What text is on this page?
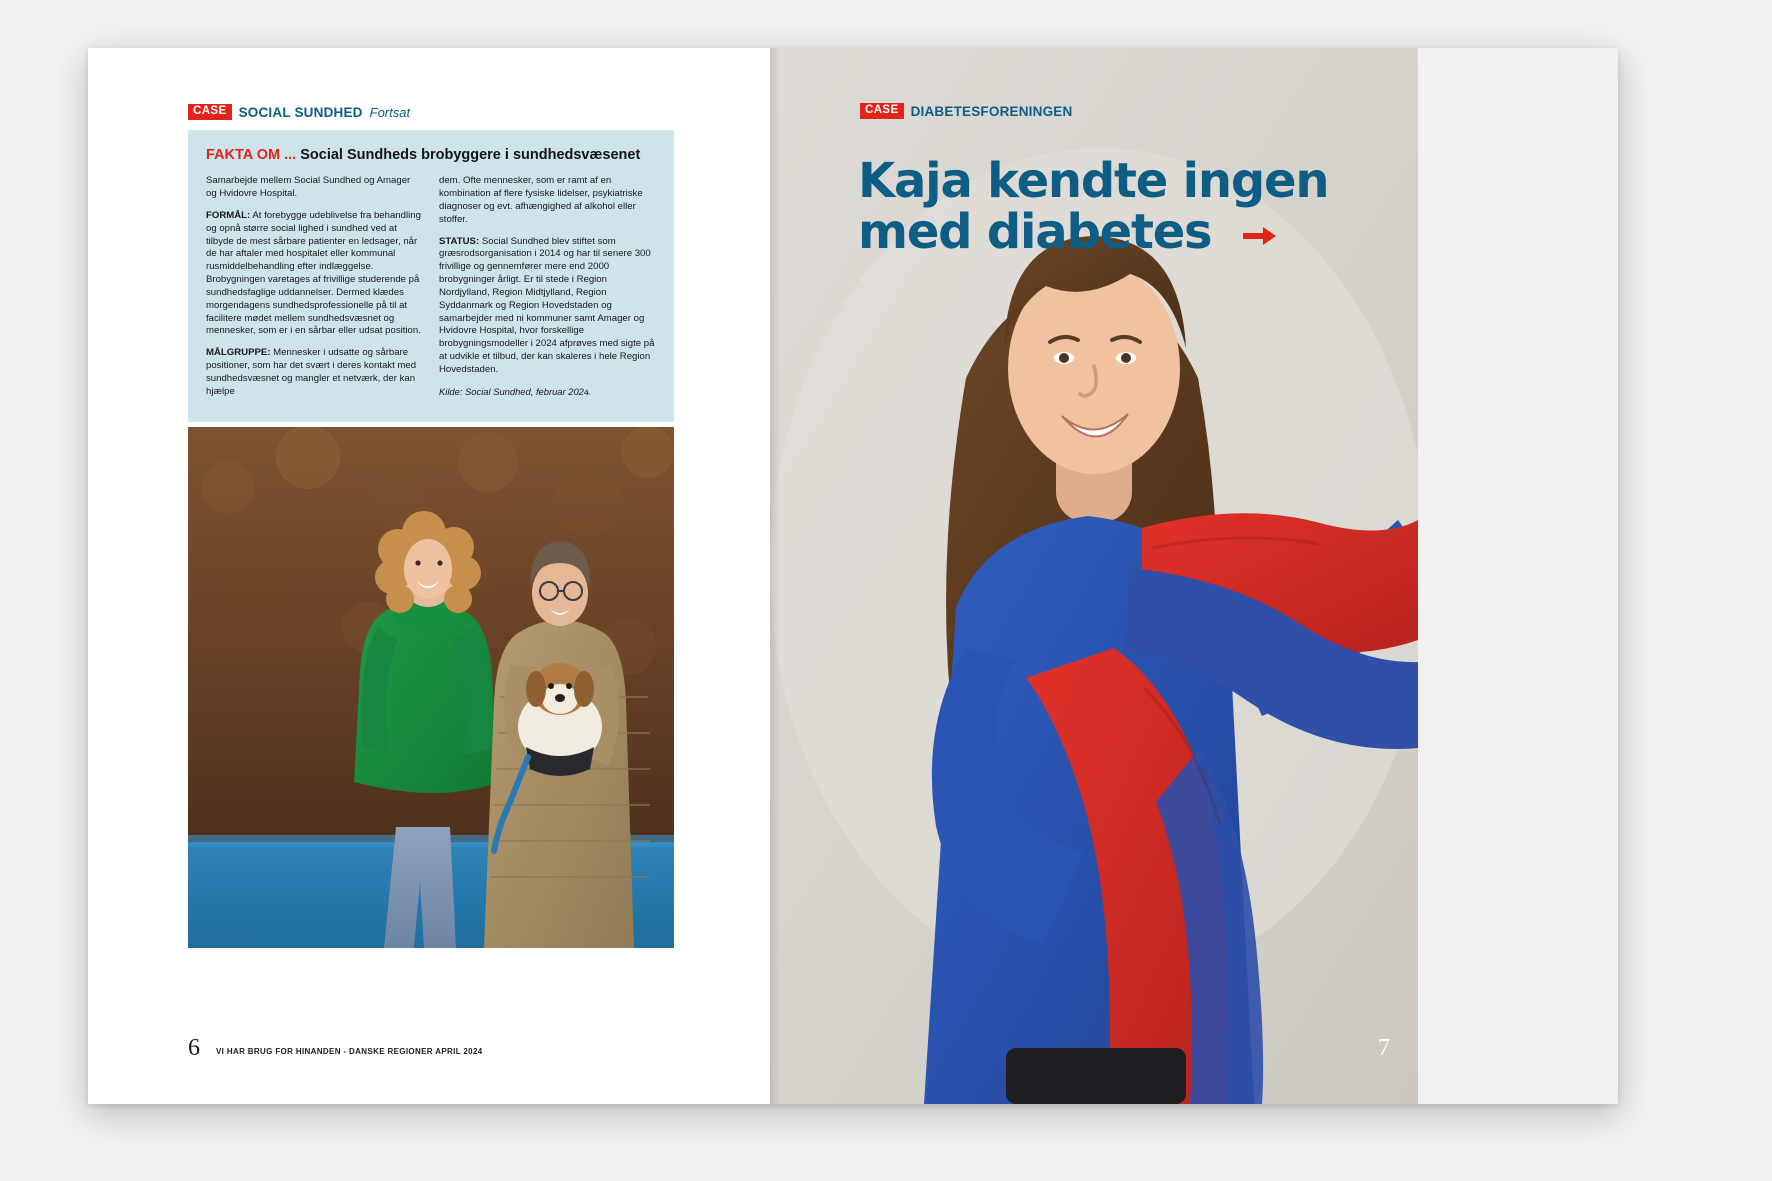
CASE SOCIAL SUNDHED Fortsat
FAKTA OM ... Social Sundheds brobyggere i sundhedsvæsenet

Samarbejde mellem Social Sundhed og Amager og Hvidovre Hospital.

FORMÅL: At forebygge udeblivelse fra behandling og opnå større social lighed i sundhed ved at tilbyde de mest sårbare patienter en ledsager, når de har aftaler med hospitalet eller kommunal rusmiddelbehandling efter indlæggelse. Brobygningen varetages af frivillige studerende på sundhedsfaglige uddannelser. Dermed klædes morgendagens sundhedsprofessionelle på til at facilitere mødet mellem sundhedsvæsnet og mennesker, som er i en sårbar eller udsat position.

MÅLGRUPPE: Mennesker i udsatte og sårbare positioner, som har det svært i deres kontakt med sundhedsvæsnet og mangler et netværk, der kan hjælpe

dem. Ofte mennesker, som er ramt af en kombination af flere fysiske lidelser, psykiatriske diagnoser og evt. afhængighed af alkohol eller stoffer.

STATUS: Social Sundhed blev stiftet som græsrodsorganisation i 2014 og har til senere 300 frivillige og gennemfører mere end 2000 brobygninger årligt. Er til stede i Region Nordjylland, Region Midtjylland, Region Syddanmark og Region Hovedstaden og samarbejder med ni kommuner samt Amager og Hvidovre Hospital, hvor forskellige brobygningsmodeller i 2024 afprøves med sigte på at udvikle et tilbud, der kan skaleres i hele Region Hovedstaden.

Kilde: Social Sundhed, februar 2024.

6 VI HAR BRUG FOR HINANDEN - DANSKE REGIONER APRIL 2024
CASE DIABETESFORENINGEN
Kaja kendte ingen
med diabetes
7
